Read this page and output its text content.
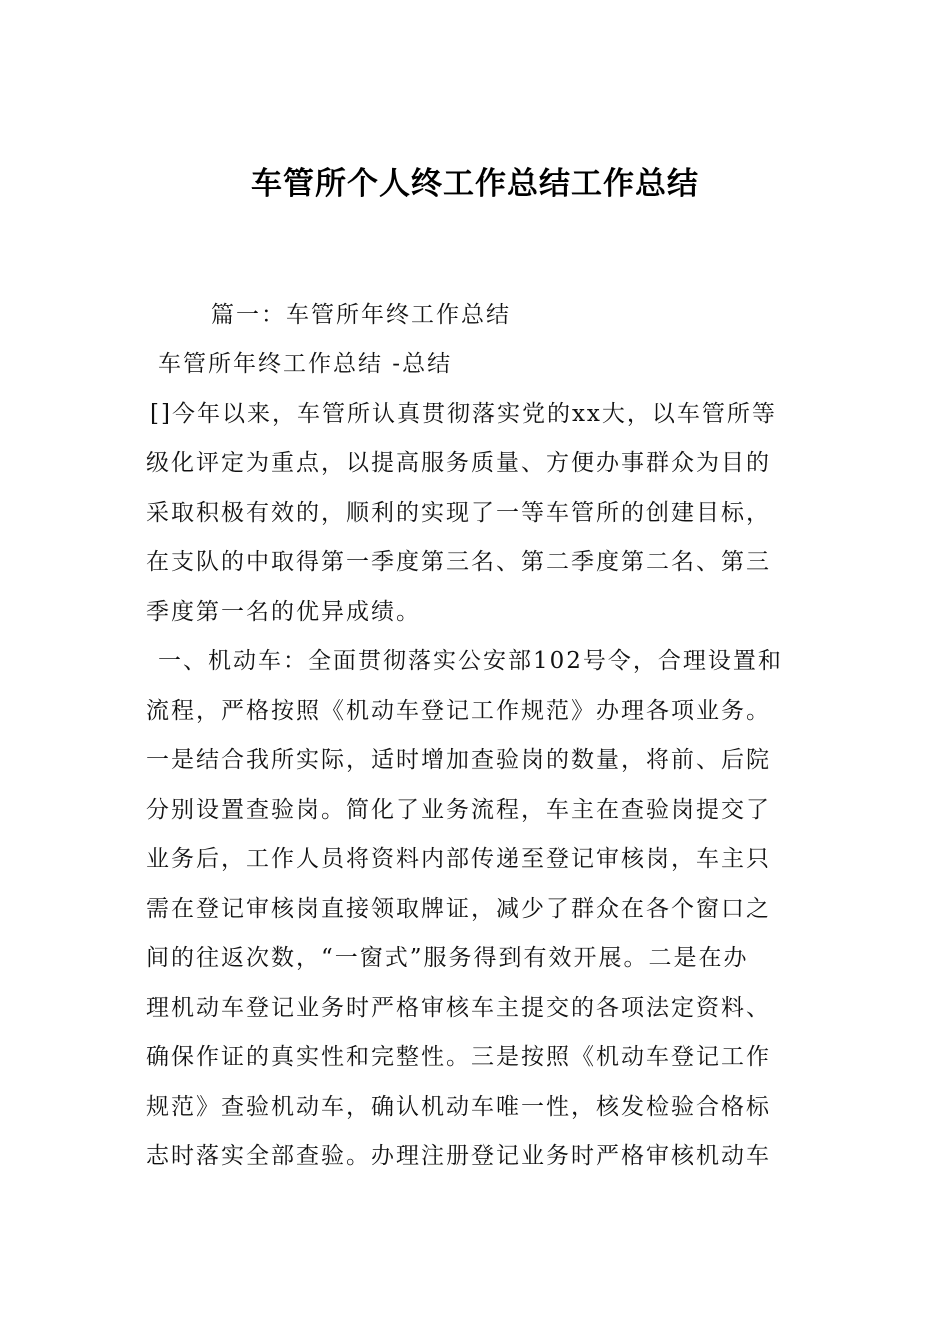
车管所个人终工作总结工作总结
　篇一：车管所年终工作总结
车管所年终工作总结 -总结
[]今年以来，车管所认真贯彻落实党的xx大，以车管所等
级化评定为重点，以提高服务质量、方便办事群众为目的
采取积极有效的，顺利的实现了一等车管所的创建目标，
在支队的中取得第一季度第三名、第二季度第二名、第三
季度第一名的优异成绩。
一、机动车：全面贯彻落实公安部102号令，合理设置和
流程，严格按照《机动车登记工作规范》办理各项业务。
一是结合我所实际，适时增加查验岗的数量，将前、后院
分别设置查验岗。简化了业务流程，车主在查验岗提交了
业务后，工作人员将资料内部传递至登记审核岗，车主只
需在登记审核岗直接领取牌证，减少了群众在各个窗口之
间的往返次数，“一窗式”服务得到有效开展。二是在办
理机动车登记业务时严格审核车主提交的各项法定资料、
确保作证的真实性和完整性。三是按照《机动车登记工作
规范》查验机动车，确认机动车唯一性，核发检验合格标
志时落实全部查验。办理注册登记业务时严格审核机动车
